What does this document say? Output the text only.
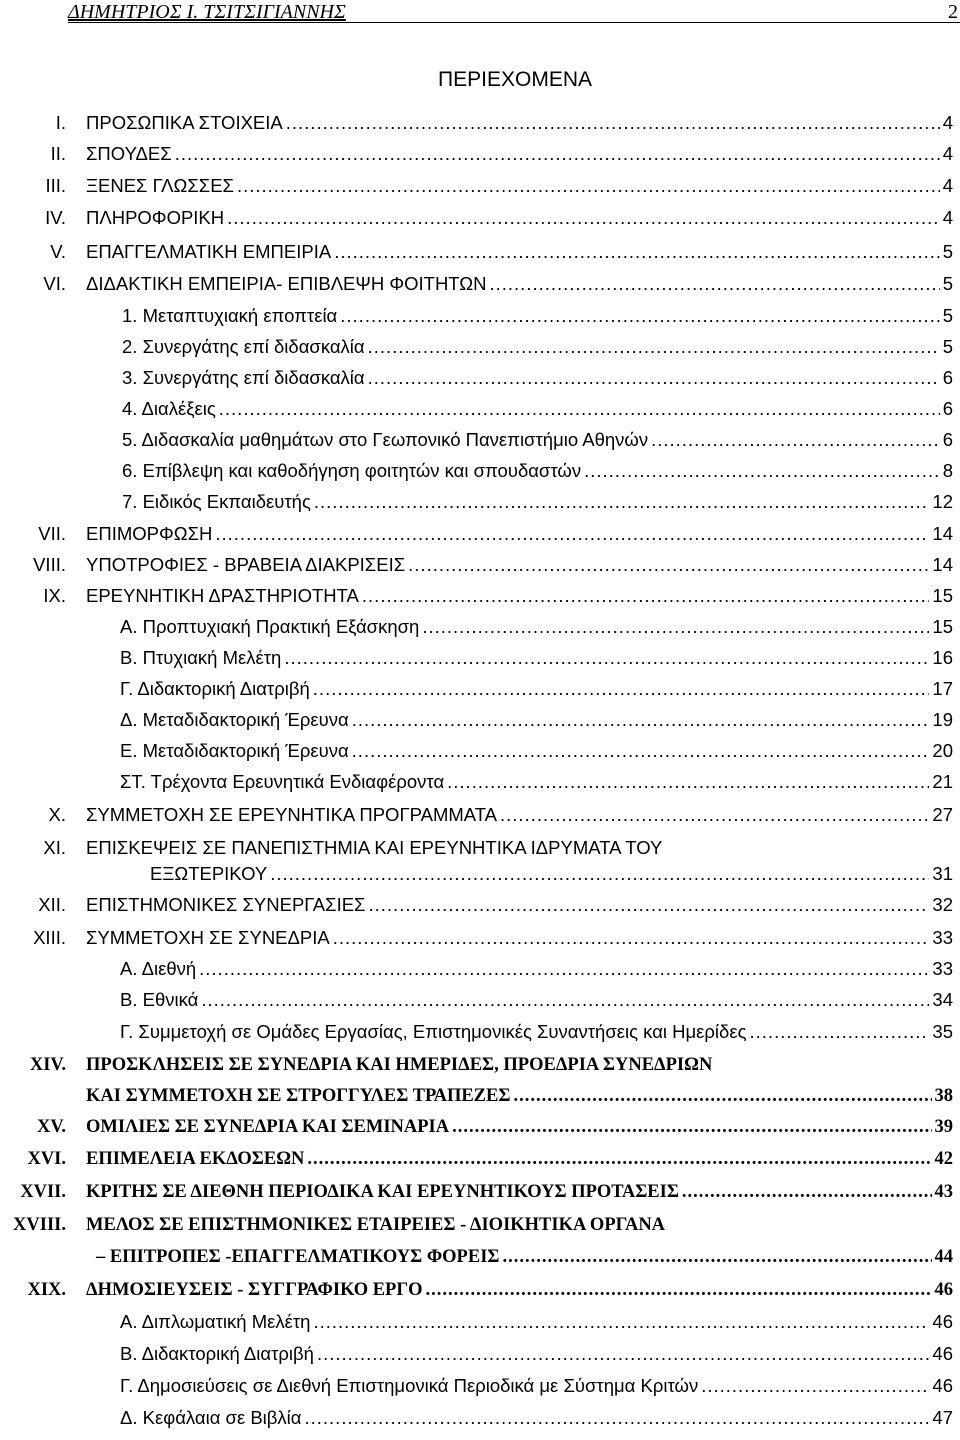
ΔΗΜΗΤΡΙΟΣ Ι. ΤΣΙΤΣΙΓΙΑΝΝΗΣ	2
ΠΕΡΙΕΧΟΜΕΝΑ
I. ΠΡΟΣΩΠΙΚΑ ΣΤΟΙΧΕΙΑ .....	4
II. ΣΠΟΥΔΕΣ .....	4
III. ΞΕΝΕΣ ΓΛΩΣΣΕΣ .....	4
IV. ΠΛΗΡΟΦΟΡΙΚΗ .....	4
V. ΕΠΑΓΓΕΛΜΑΤΙΚΗ ΕΜΠΕΙΡΙΑ .....	5
VI. ΔΙΔΑΚΤΙΚΗ ΕΜΠΕΙΡΙΑ- ΕΠΙΒΛΕΨΗ ΦΟΙΤΗΤΩΝ .....	5
1. Μεταπτυχιακή εποπτεία .....	5
2. Συνεργάτης επί διδασκαλία .....	5
3. Συνεργάτης επί διδασκαλία .....	6
4. Διαλέξεις .....	6
5. Διδασκαλία μαθημάτων στο Γεωπονικό Πανεπιστήμιο Αθηνών .....	6
6. Επίβλεψη και καθοδήγηση φοιτητών και σπουδαστών .....	8
7. Ειδικός Εκπαιδευτής .....	12
VII. ΕΠΙΜΟΡΦΩΣΗ .....	14
VIII. ΥΠΟΤΡΟΦΙΕΣ - ΒΡΑΒΕΙΑ ΔΙΑΚΡΙΣΕΙΣ .....	14
IX. ΕΡΕΥΝΗΤΙΚΗ ΔΡΑΣΤΗΡΙΟΤΗΤΑ .....	15
Α. Προπτυχιακή Πρακτική Εξάσκηση .....	15
Β. Πτυχιακή Μελέτη .....	16
Γ. Διδακτορική Διατριβή .....	17
Δ. Μεταδιδακτορική Έρευνα .....	19
Ε. Μεταδιδακτορική Έρευνα .....	20
ΣΤ. Τρέχοντα Ερευνητικά Ενδιαφέροντα .....	21
X. ΣΥΜΜΕΤΟΧΗ ΣΕ ΕΡΕΥΝΗΤΙΚΑ ΠΡΟΓΡΑΜΜΑΤΑ .....	27
XI. ΕΠΙΣΚΕΨΕΙΣ ΣΕ ΠΑΝΕΠΙΣΤΗΜΙΑ ΚΑΙ ΕΡΕΥΝΗΤΙΚΑ ΙΔΡΥΜΑΤΑ ΤΟΥ
ΕΞΩΤΕΡΙΚΟΥ .....	31
XII. ΕΠΙΣΤΗΜΟΝΙΚΕΣ ΣΥΝΕΡΓΑΣΙΕΣ .....	32
XIII. ΣΥΜΜΕΤΟΧΗ ΣΕ ΣΥΝΕΔΡΙΑ .....	33
Α. Διεθνή .....	33
Β. Εθνικά .....	34
Γ. Συμμετοχή σε Ομάδες Εργασίας, Επιστημονικές Συναντήσεις και Ημερίδες .....	35
XIV. ΠΡΟΣΚΛΗΣΕΙΣ ΣΕ ΣΥΝΕΔΡΙΑ ΚΑΙ ΗΜΕΡΙΔΕΣ, ΠΡΟΕΔΡΙΑ ΣΥΝΕΔΡΙΩΝ
ΚΑΙ ΣΥΜΜΕΤΟΧΗ ΣΕ ΣΤΡΟΓΓΥΛΕΣ ΤΡΑΠΕΖΕΣ .....	38
XV. ΟΜΙΛΙΕΣ ΣΕ ΣΥΝΕΔΡΙΑ ΚΑΙ ΣΕΜΙΝΑΡΙΑ .....	39
XVI. ΕΠΙΜΕΛΕΙΑ ΕΚΔΟΣΕΩΝ .....	42
XVII. ΚΡΙΤΗΣ ΣΕ ΔΙΕΘΝΗ ΠΕΡΙΟΔΙΚΑ ΚΑΙ ΕΡΕΥΝΗΤΙΚΟΥΣ ΠΡΟΤΑΣΕΙΣ .....	43
XVIII. ΜΕΛΟΣ ΣΕ ΕΠΙΣΤΗΜΟΝΙΚΕΣ ΕΤΑΙΡΕΙΕΣ - ΔΙΟΙΚΗΤΙΚΑ ΟΡΓΑΝΑ
– ΕΠΙΤΡΟΠΕΣ -ΕΠΑΓΓΕΛΜΑΤΙΚΟΥΣ ΦΟΡΕΙΣ .....	44
XIX. ΔΗΜΟΣΙΕΥΣΕΙΣ - ΣΥΓΓΡΑΦΙΚΟ ΕΡΓΟ .....	46
Α. Διπλωματική Μελέτη .....	46
Β. Διδακτορική Διατριβή .....	46
Γ. Δημοσιεύσεις σε Διεθνή Επιστημονικά Περιοδικά με Σύστημα Κριτών .....	46
Δ. Κεφάλαια σε Βιβλία .....	47
